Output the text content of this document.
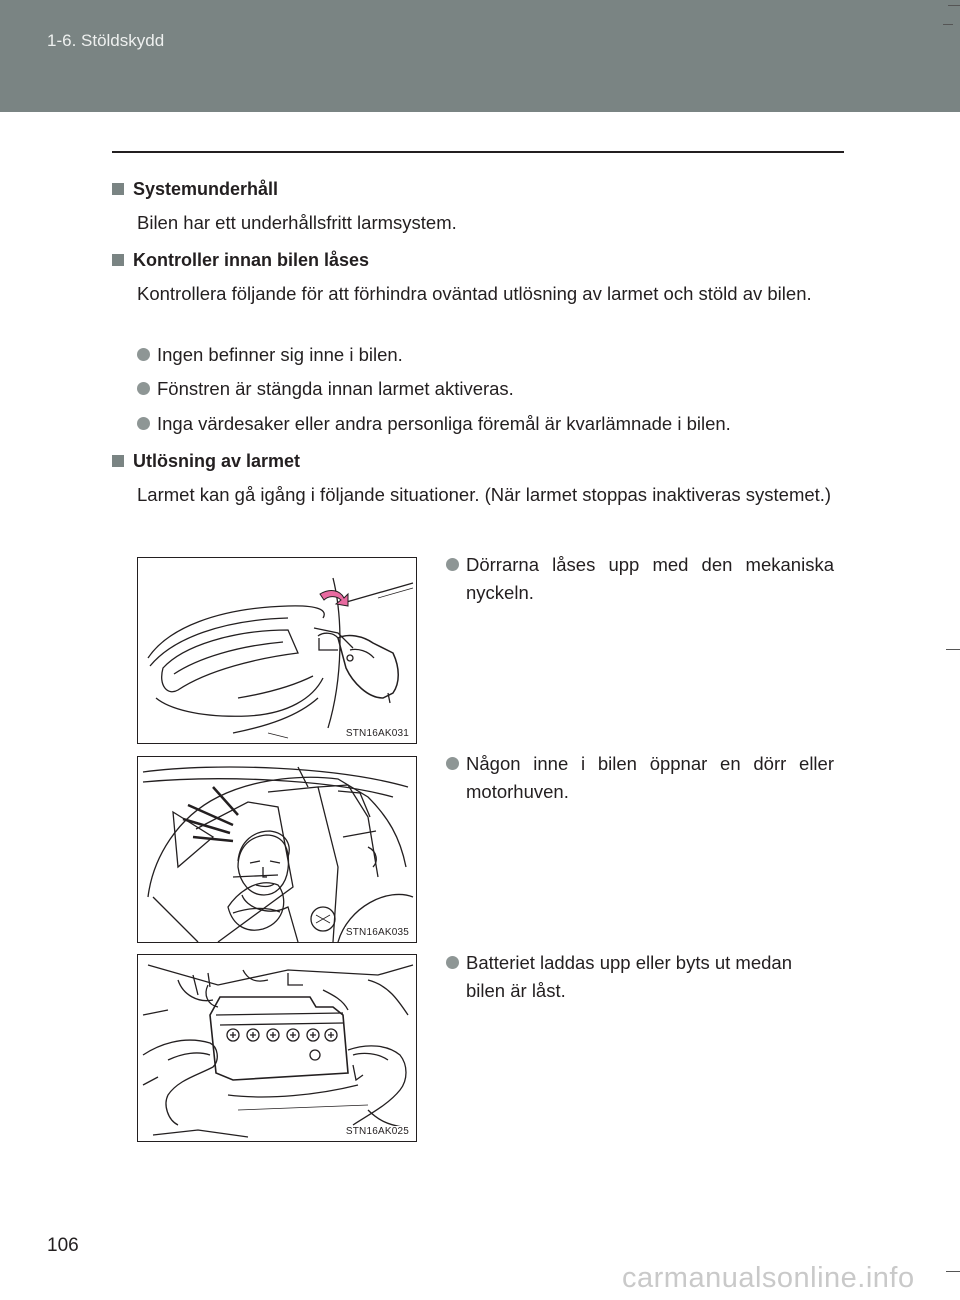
1-6. Stöldskydd
Systemunderhåll
Bilen har ett underhållsfritt larmsystem.
Kontroller innan bilen låses
Kontrollera följande för att förhindra oväntad utlösning av larmet och stöld av bilen.
Ingen befinner sig inne i bilen.
Fönstren är stängda innan larmet aktiveras.
Inga värdesaker eller andra personliga föremål är kvarlämnade i bilen.
Utlösning av larmet
Larmet kan gå igång i följande situationer. (När larmet stoppas inaktiveras systemet.)
STN16AK031
Dörrarna låses upp med den mekaniska nyckeln.
STN16AK035
Någon inne i bilen öppnar en dörr eller motorhuven.
STN16AK025
Batteriet laddas upp eller byts ut medan bilen är låst.
106
carmanualsonline.info
